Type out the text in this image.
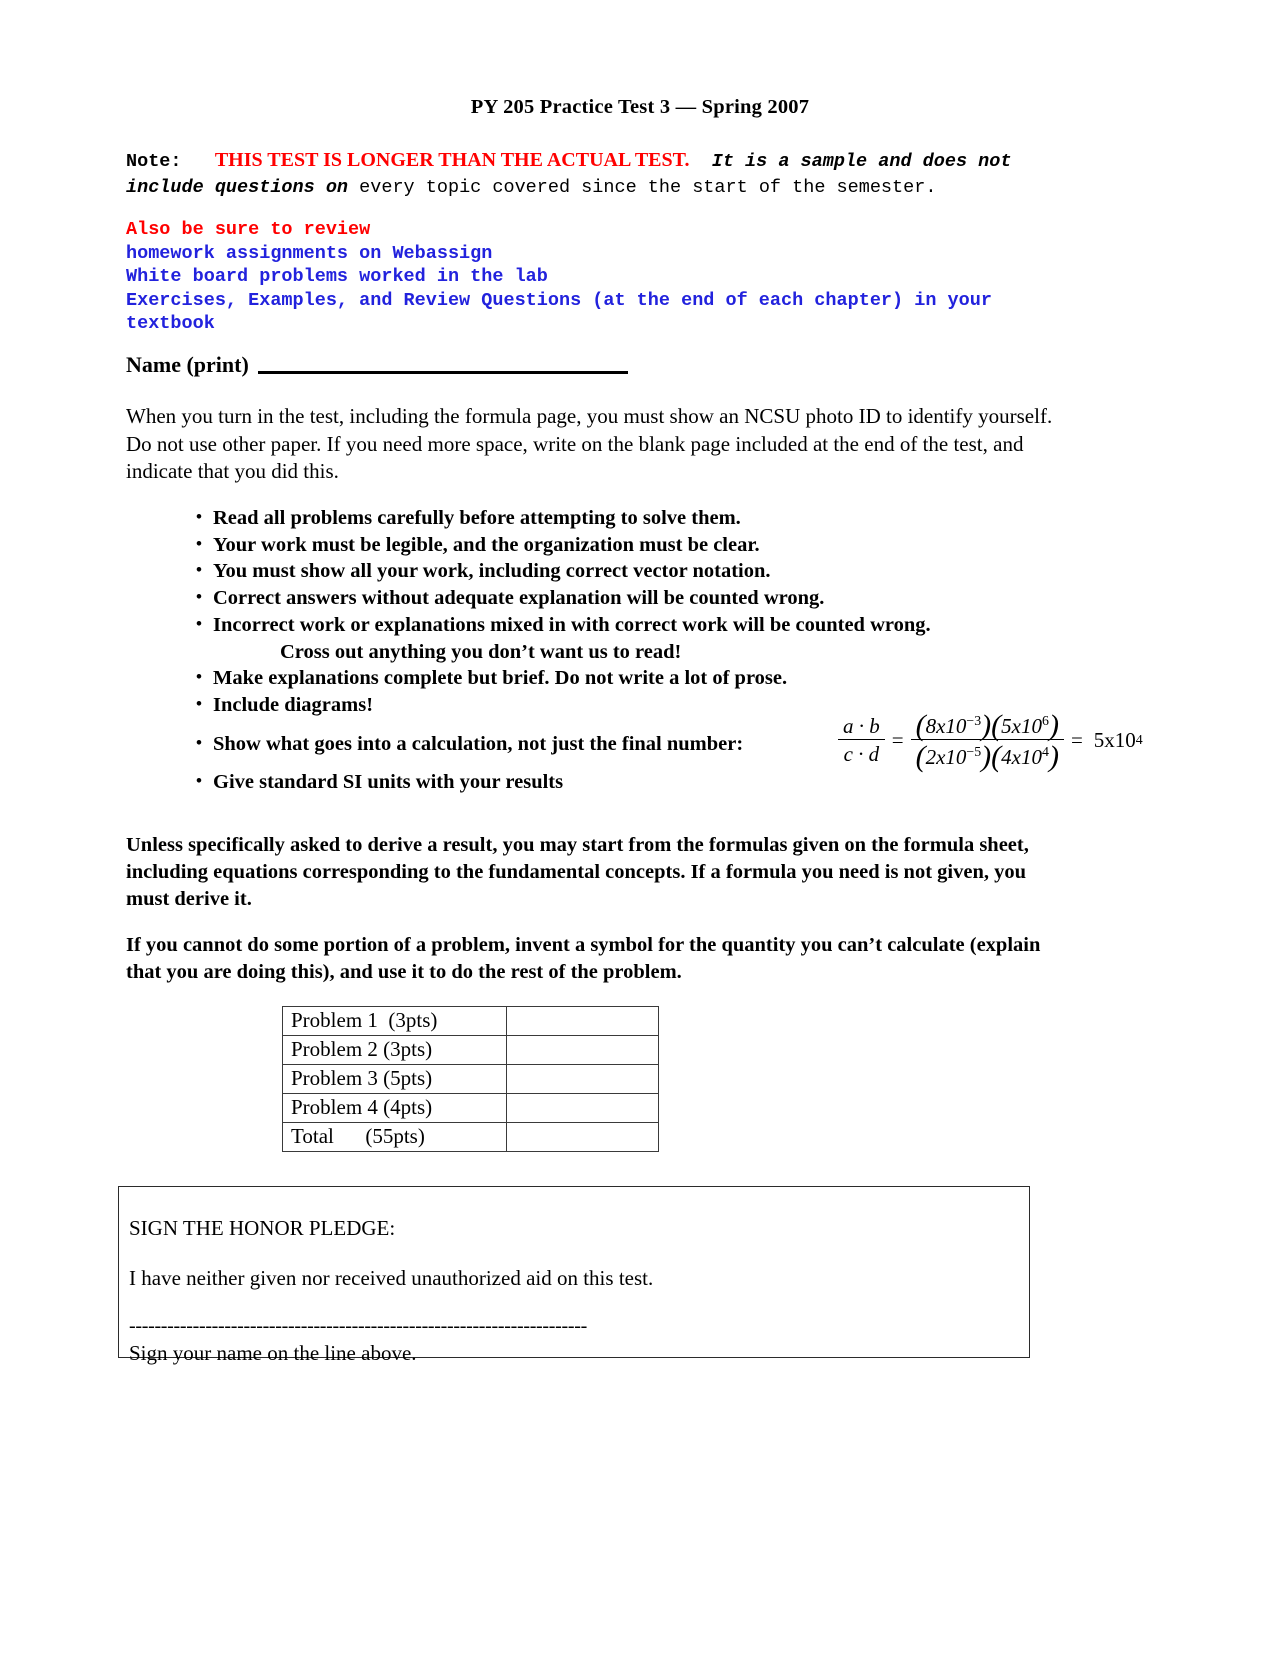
PY 205 Practice Test 3 — Spring 2007
Note: THIS TEST IS LONGER THAN THE ACTUAL TEST. It is a sample and does not include questions on every topic covered since the start of the semester.
Also be sure to review
homework assignments on Webassign
White board problems worked in the lab
Exercises, Examples, and Review Questions (at the end of each chapter) in your
textbook
Name (print)
When you turn in the test, including the formula page, you must show an NCSU photo ID to identify yourself.
Do not use other paper. If you need more space, write on the blank page included at the end of the test, and
indicate that you did this.
• Read all problems carefully before attempting to solve them.
• Your work must be legible, and the organization must be clear.
• You must show all your work, including correct vector notation.
• Correct answers without adequate explanation will be counted wrong.
• Incorrect work or explanations mixed in with correct work will be counted wrong.
Cross out anything you don’t want us to read!
• Make explanations complete but brief. Do not write a lot of prose.
• Include diagrams!
• Show what goes into a calculation, not just the final number:
• Give standard SI units with your results
$\frac{a \cdot b}{c \cdot d} = \frac{(8x10^{-3})(5x10^6)}{(2x10^{-5})(4x10^4)} = 5x10$ 4
Unless specifically asked to derive a result, you may start from the formulas given on the formula sheet,
including equations corresponding to the fundamental concepts. If a formula you need is not given, you
must derive it.
If you cannot do some portion of a problem, invent a symbol for the quantity you can’t calculate (explain
that you are doing this), and use it to do the rest of the problem.
Problem 1  (3pts)	
Problem 2 (3pts)	
Problem 3 (5pts)	
Problem 4 (4pts)	
Total      (55pts)	
SIGN THE HONOR PLEDGE:
I have neither given nor received unauthorized aid on this test.
------------------------------------------------------------------------
Sign your name on the line above.
